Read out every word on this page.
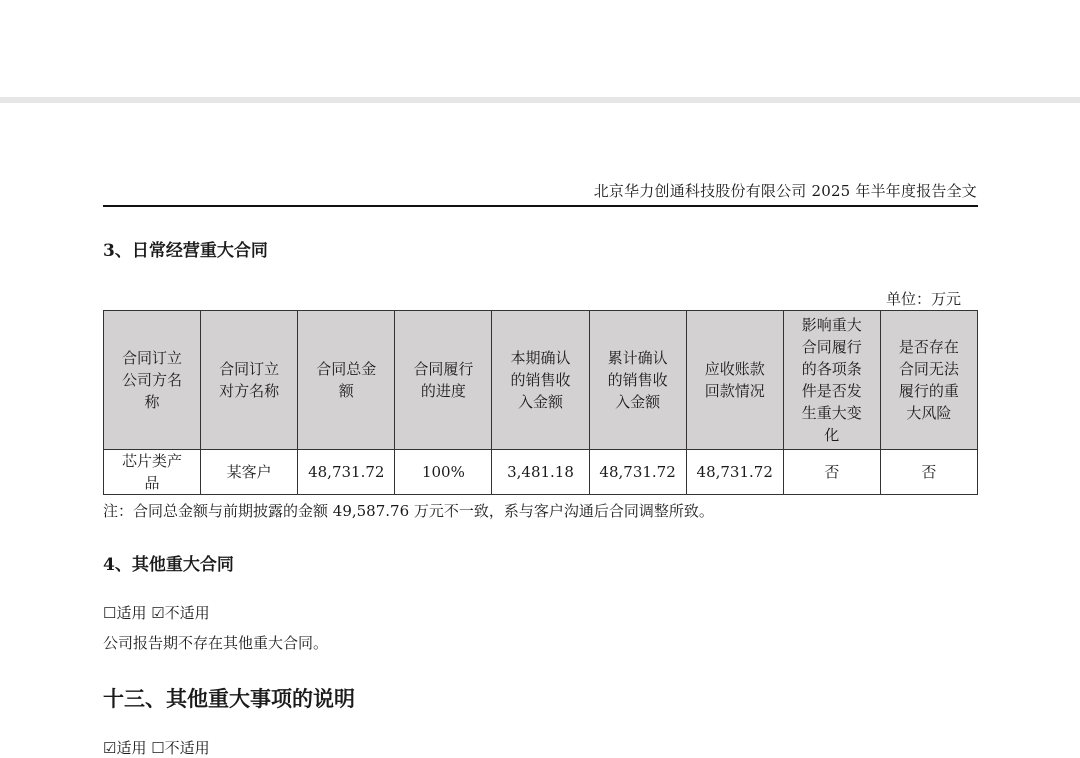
北京华力创通科技股份有限公司 2025 年半年度报告全文
3、日常经营重大合同
单位：万元
合同订立公司方名称	合同订立对方名称	合同总金额	合同履行的进度	本期确认的销售收入金额	累计确认的销售收入金额	应收账款回款情况	影响重大合同履行的各项条件是否发生重大变化	是否存在合同无法履行的重大风险
芯片类产品	某客户	48,731.72	100%	3,481.18	48,731.72	48,731.72	否	否
注：合同总金额与前期披露的金额 49,587.76 万元不一致，系与客户沟通后合同调整所致。
4、其他重大合同
☐适用 ☑不适用
公司报告期不存在其他重大合同。
十三、其他重大事项的说明
☑适用 ☐不适用
